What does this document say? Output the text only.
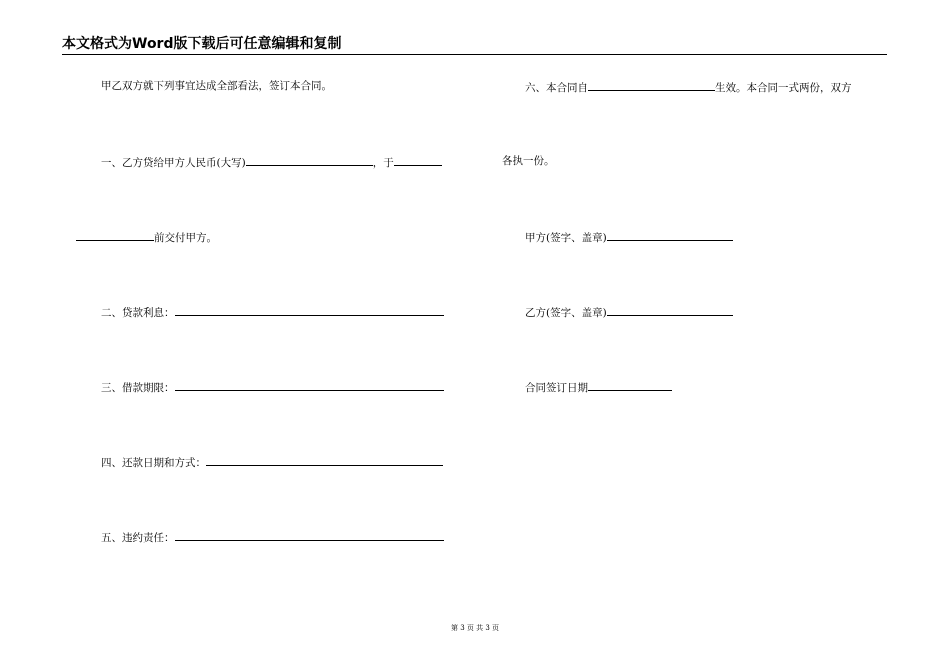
本文格式为Word版下载后可任意编辑和复制
甲乙双方就下列事宜达成全部看法，签订本合同。
一、乙方贷给甲方人民币(大写)	，于
前交付甲方。
二、贷款利息：
三、借款期限：
四、还款日期和方式：
五、违约责任：
六、本合同自	生效。本合同一式两份，双方
各执一份。
甲方(签字、盖章)
乙方(签字、盖章)
合同签订日期
第 3 页 共 3 页
